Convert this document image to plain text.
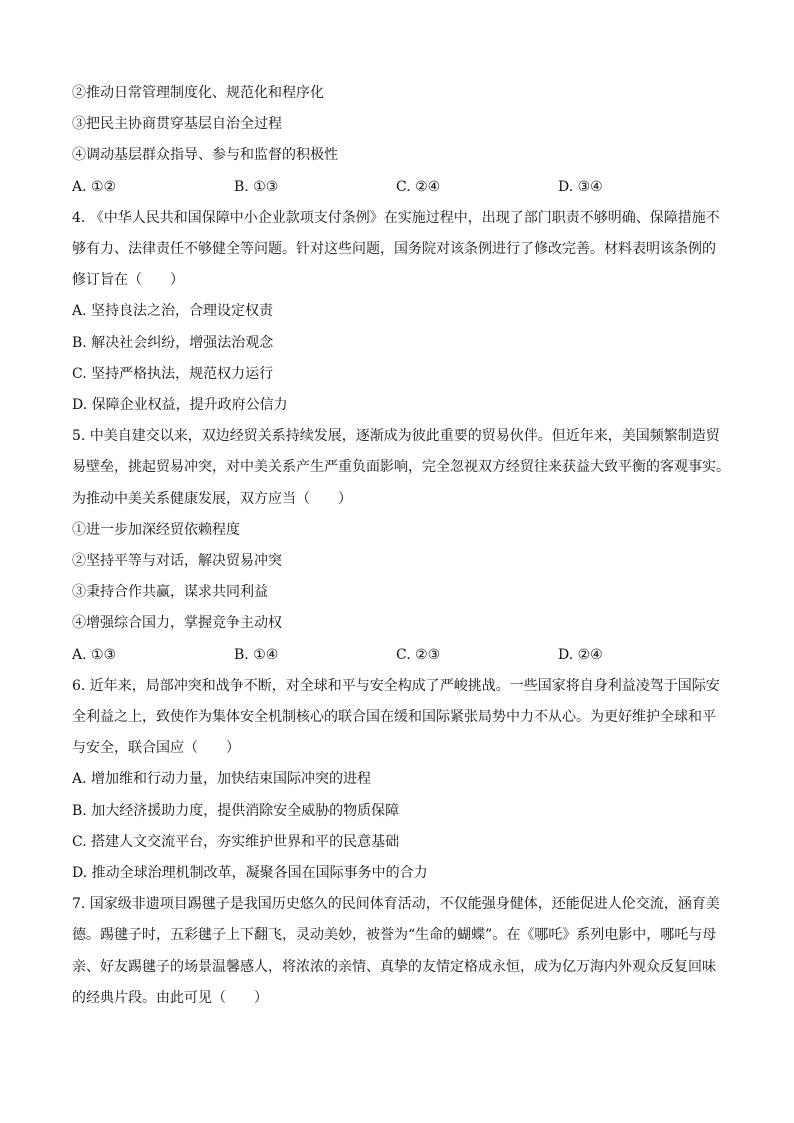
②推动日常管理制度化、规范化和程序化
③把民主协商贯穿基层自治全过程
④调动基层群众指导、参与和监督的积极性
A. ①②	B. ①③	C. ②④	D. ③④
4. 《中华人民共和国保障中小企业款项支付条例》在实施过程中，出现了部门职责不够明确、保障措施不
够有力、法律责任不够健全等问题。针对这些问题，国务院对该条例进行了修改完善。材料表明该条例的
修订旨在（　　）
A. 坚持良法之治，合理设定权责
B. 解决社会纠纷，增强法治观念
C. 坚持严格执法，规范权力运行
D. 保障企业权益，提升政府公信力
5. 中美自建交以来，双边经贸关系持续发展，逐渐成为彼此重要的贸易伙伴。但近年来，美国频繁制造贸
易壁垒，挑起贸易冲突，对中美关系产生严重负面影响，完全忽视双方经贸往来获益大致平衡的客观事实。
为推动中美关系健康发展，双方应当（　　）
①进一步加深经贸依赖程度
②坚持平等与对话，解决贸易冲突
③秉持合作共赢，谋求共同利益
④增强综合国力，掌握竞争主动权
A. ①③	B. ①④	C. ②③	D. ②④
6. 近年来，局部冲突和战争不断，对全球和平与安全构成了严峻挑战。一些国家将自身利益凌驾于国际安
全利益之上，致使作为集体安全机制核心的联合国在缓和国际紧张局势中力不从心。为更好维护全球和平
与安全，联合国应（　　）
A. 增加维和行动力量，加快结束国际冲突的进程
B. 加大经济援助力度，提供消除安全威胁的物质保障
C. 搭建人文交流平台，夯实维护世界和平的民意基础
D. 推动全球治理机制改革，凝聚各国在国际事务中的合力
7. 国家级非遗项目踢毽子是我国历史悠久的民间体育活动，不仅能强身健体，还能促进人伦交流，涵育美
德。踢毽子时，五彩毽子上下翻飞，灵动美妙，被誉为“生命的蝴蝶”。在《哪吒》系列电影中，哪吒与母
亲、好友踢毽子的场景温馨感人，将浓浓的亲情、真挚的友情定格成永恒，成为亿万海内外观众反复回味
的经典片段。由此可见（　　）
